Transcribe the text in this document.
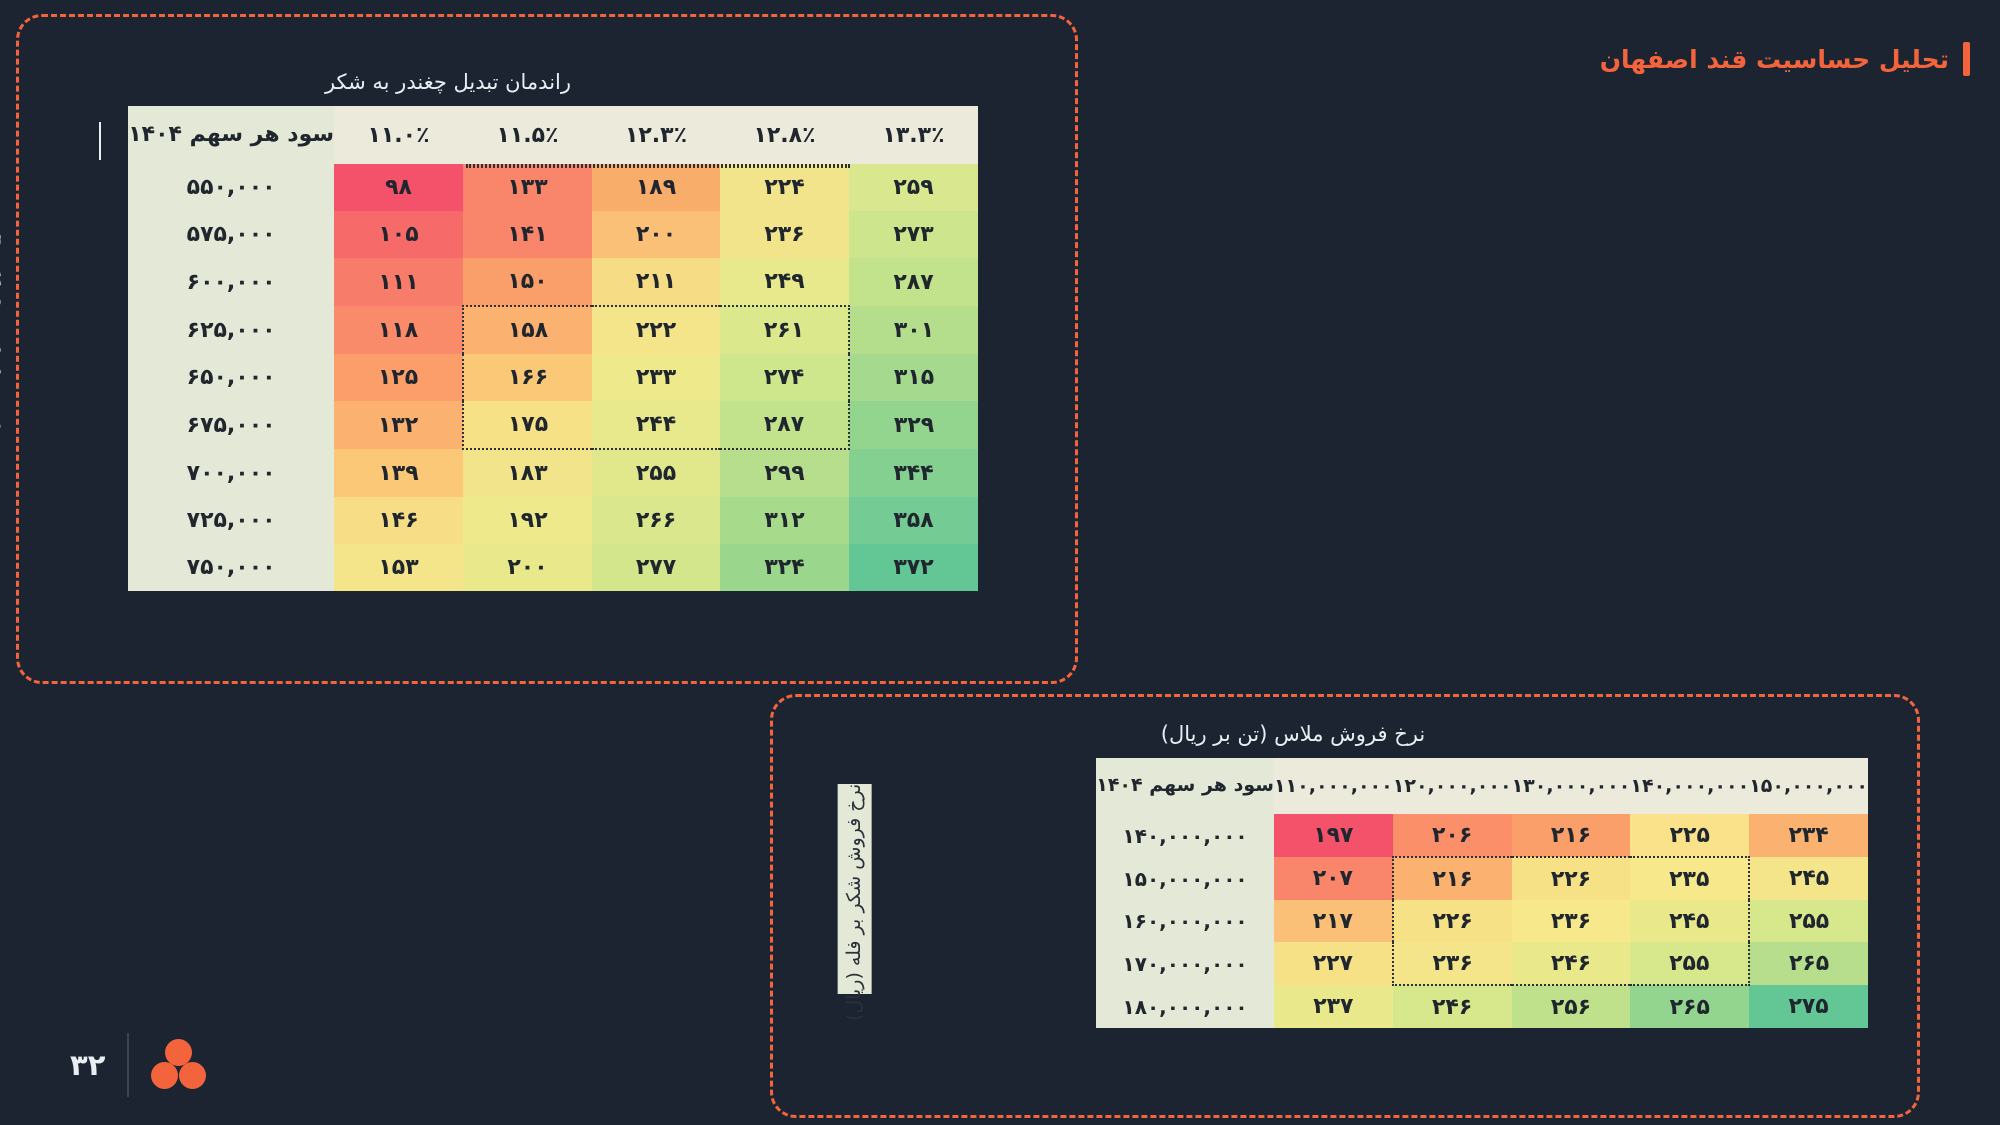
تحلیل حساسیت قند اصفهان
راندمان تبدیل چغندر به شکر
۱۳.۳٪	۱۲.۸٪	۱۲.۳٪	۱۱.۵٪	۱۱.۰٪	سود هر سهم ۱۴۰۴
۲۵۹	۲۲۴	۱۸۹	۱۳۳	۹۸	۵۵۰,۰۰۰
۲۷۳	۲۳۶	۲۰۰	۱۴۱	۱۰۵	۵۷۵,۰۰۰
۲۸۷	۲۴۹	۲۱۱	۱۵۰	۱۱۱	۶۰۰,۰۰۰
۳۰۱	۲۶۱	۲۲۲	۱۵۸	۱۱۸	۶۲۵,۰۰۰
۳۱۵	۲۷۴	۲۳۳	۱۶۶	۱۲۵	۶۵۰,۰۰۰
۳۲۹	۲۸۷	۲۴۴	۱۷۵	۱۳۲	۶۷۵,۰۰۰
۳۴۴	۲۹۹	۲۵۵	۱۸۳	۱۳۹	۷۰۰,۰۰۰
۳۵۸	۳۱۲	۲۶۶	۱۹۲	۱۴۶	۷۲۵,۰۰۰
۳۷۲	۳۲۴	۲۷۷	۲۰۰	۱۵۳	۷۵۰,۰۰۰
نرخ فروش ملاس (تن بر ریال)
۱۵۰,۰۰۰,۰۰۰	۱۴۰,۰۰۰,۰۰۰	۱۳۰,۰۰۰,۰۰۰	۱۲۰,۰۰۰,۰۰۰	۱۱۰,۰۰۰,۰۰۰	سود هر سهم ۱۴۰۴
۲۳۴	۲۲۵	۲۱۶	۲۰۶	۱۹۷	۱۴۰,۰۰۰,۰۰۰
۲۴۵	۲۳۵	۲۲۶	۲۱۶	۲۰۷	۱۵۰,۰۰۰,۰۰۰
۲۵۵	۲۴۵	۲۳۶	۲۲۶	۲۱۷	۱۶۰,۰۰۰,۰۰۰
۲۶۵	۲۵۵	۲۴۶	۲۳۶	۲۲۷	۱۷۰,۰۰۰,۰۰۰
۲۷۵	۲۶۵	۲۵۶	۲۴۶	۲۳۷	۱۸۰,۰۰۰,۰۰۰
نرخ فروش شکر بر فله (ریال)
۳۲
